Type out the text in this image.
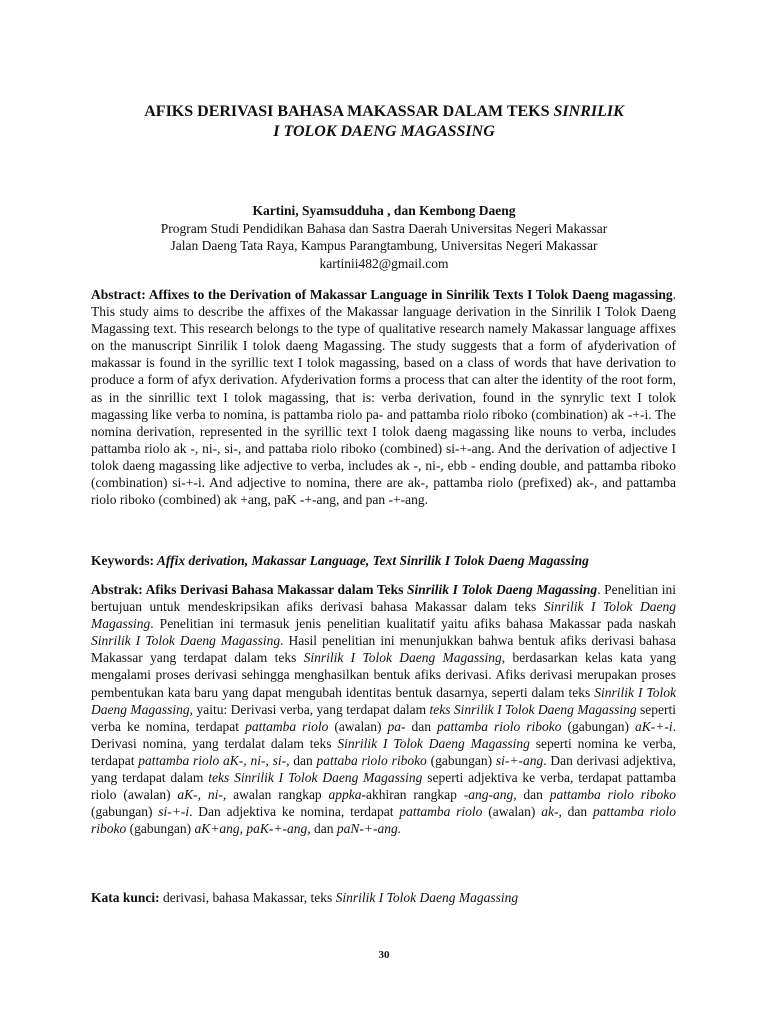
AFIKS DERIVASI BAHASA MAKASSAR DALAM TEKS SINRILIK
I TOLOK DAENG MAGASSING
Kartini, Syamsudduha , dan Kembong Daeng
Program Studi Pendidikan Bahasa dan Sastra Daerah Universitas Negeri Makassar
Jalan Daeng Tata Raya, Kampus Parangtambung, Universitas Negeri Makassar
kartinii482@gmail.com
Abstract: Affixes to the Derivation of Makassar Language in Sinrilik Texts I Tolok Daeng magassing. This study aims to describe the affixes of the Makassar language derivation in the Sinrilik I Tolok Daeng Magassing text. This research belongs to the type of qualitative research namely Makassar language affixes on the manuscript Sinrilik I tolok daeng Magassing. The study suggests that a form of afyderivation of makassar is found in the syrillic text I tolok magassing, based on a class of words that have derivation to produce a form of afyx derivation. Afyderivation forms a process that can alter the identity of the root form, as in the sinrillic text I tolok magassing, that is: verba derivation, found in the synrylic text I tolok magassing like verba to nomina, is pattamba riolo pa- and pattamba riolo riboko (combination) ak -+-i. The nomina derivation, represented in the syrillic text I tolok daeng magassing like nouns to verba, includes pattamba riolo ak -, ni-, si-, and pattaba riolo riboko (combined) si-+-ang. And the derivation of adjective I tolok daeng magassing like adjective to verba, includes ak -, ni-, ebb - ending double, and pattamba riboko (combination) si-+-i. And adjective to nomina, there are ak-, pattamba riolo (prefixed) ak-, and pattamba riolo riboko (combined) ak +ang, paK -+-ang, and pan -+-ang.
Keywords: Affix derivation, Makassar Language, Text Sinrilik I Tolok Daeng Magassing
Abstrak: Afiks Derivasi Bahasa Makassar dalam Teks Sinrilik I Tolok Daeng Magassing. Penelitian ini bertujuan untuk mendeskripsikan afiks derivasi bahasa Makassar dalam teks Sinrilik I Tolok Daeng Magassing. Penelitian ini termasuk jenis penelitian kualitatif yaitu afiks bahasa Makassar pada naskah Sinrilik I Tolok Daeng Magassing. Hasil penelitian ini menunjukkan bahwa bentuk afiks derivasi bahasa Makassar yang terdapat dalam teks Sinrilik I Tolok Daeng Magassing, berdasarkan kelas kata yang mengalami proses derivasi sehingga menghasilkan bentuk afiks derivasi. Afiks derivasi merupakan proses pembentukan kata baru yang dapat mengubah identitas bentuk dasarnya, seperti dalam teks Sinrilik I Tolok Daeng Magassing, yaitu: Derivasi verba, yang terdapat dalam teks Sinrilik I Tolok Daeng Magassing seperti verba ke nomina, terdapat pattamba riolo (awalan) pa- dan pattamba riolo riboko (gabungan) aK-+-i. Derivasi nomina, yang terdalat dalam teks Sinrilik I Tolok Daeng Magassing seperti nomina ke verba, terdapat pattamba riolo aK-, ni-, si-, dan pattaba riolo riboko (gabungan) si-+-ang. Dan derivasi adjektiva, yang terdapat dalam teks Sinrilik I Tolok Daeng Magassing seperti adjektiva ke verba, terdapat pattamba riolo (awalan) aK-, ni-, awalan rangkap appka-akhiran rangkap -ang-ang, dan pattamba riolo riboko (gabungan) si-+-i. Dan adjektiva ke nomina, terdapat pattamba riolo (awalan) ak-, dan pattamba riolo riboko (gabungan) aK+ang, paK-+-ang, dan paN-+-ang.
Kata kunci: derivasi, bahasa Makassar, teks Sinrilik I Tolok Daeng Magassing
30
